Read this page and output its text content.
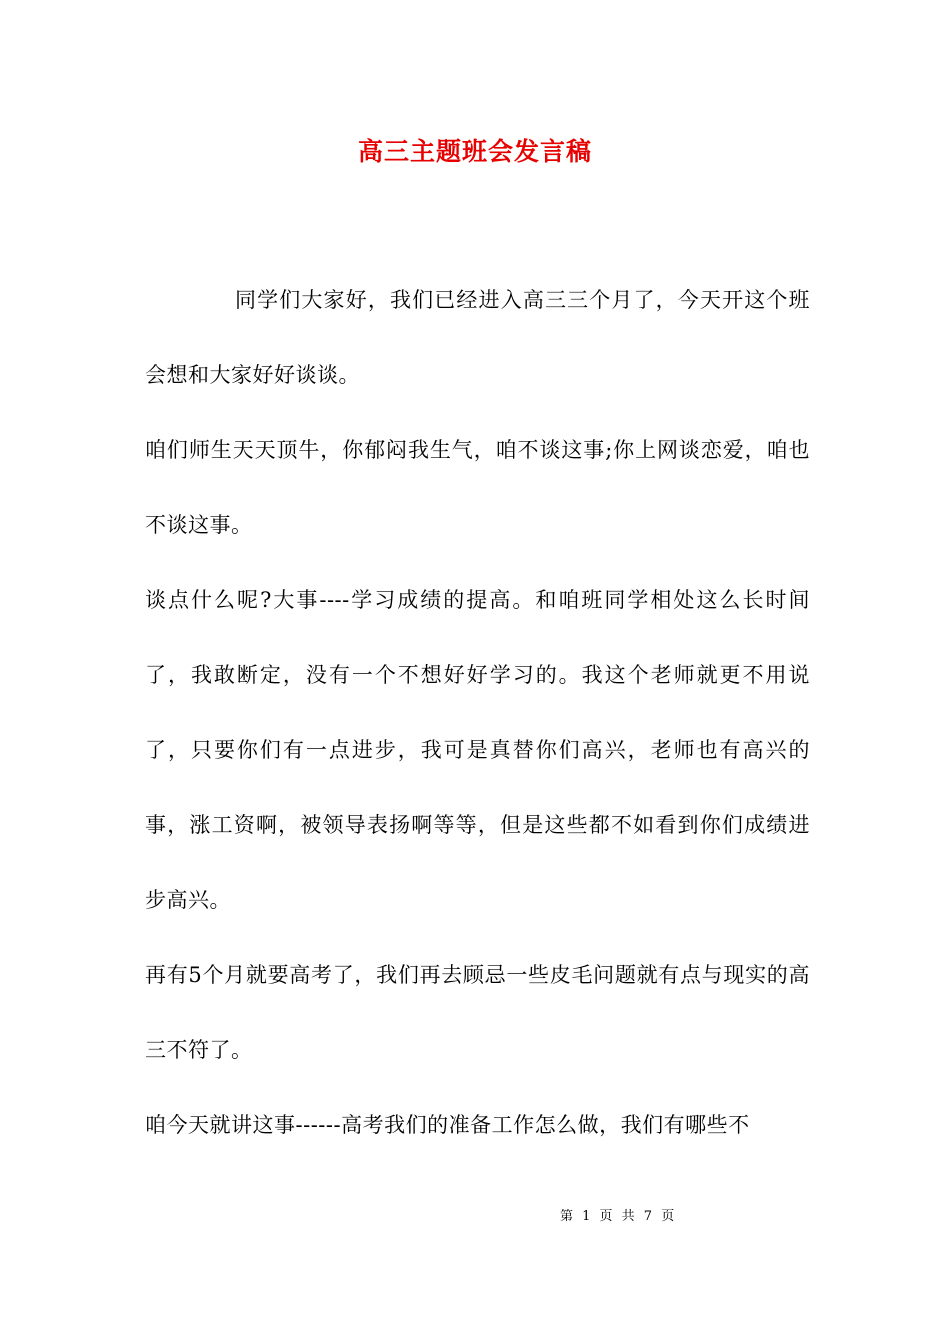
高三主题班会发言稿

同学们大家好，我们已经进入高三三个月了，今天开这个班会想和大家好好谈谈。

咱们师生天天顶牛，你郁闷我生气，咱不谈这事;你上网谈恋爱，咱也不谈这事。

谈点什么呢?大事----学习成绩的提高。和咱班同学相处这么长时间了，我敢断定，没有一个不想好好学习的。我这个老师就更不用说了，只要你们有一点进步，我可是真替你们高兴，老师也有高兴的事，涨工资啊，被领导表扬啊等等，但是这些都不如看到你们成绩进步高兴。

再有5个月就要高考了，我们再去顾忌一些皮毛问题就有点与现实的高三不符了。

咱今天就讲这事------高考我们的准备工作怎么做，我们有哪些不

第 1 页 共 7 页
